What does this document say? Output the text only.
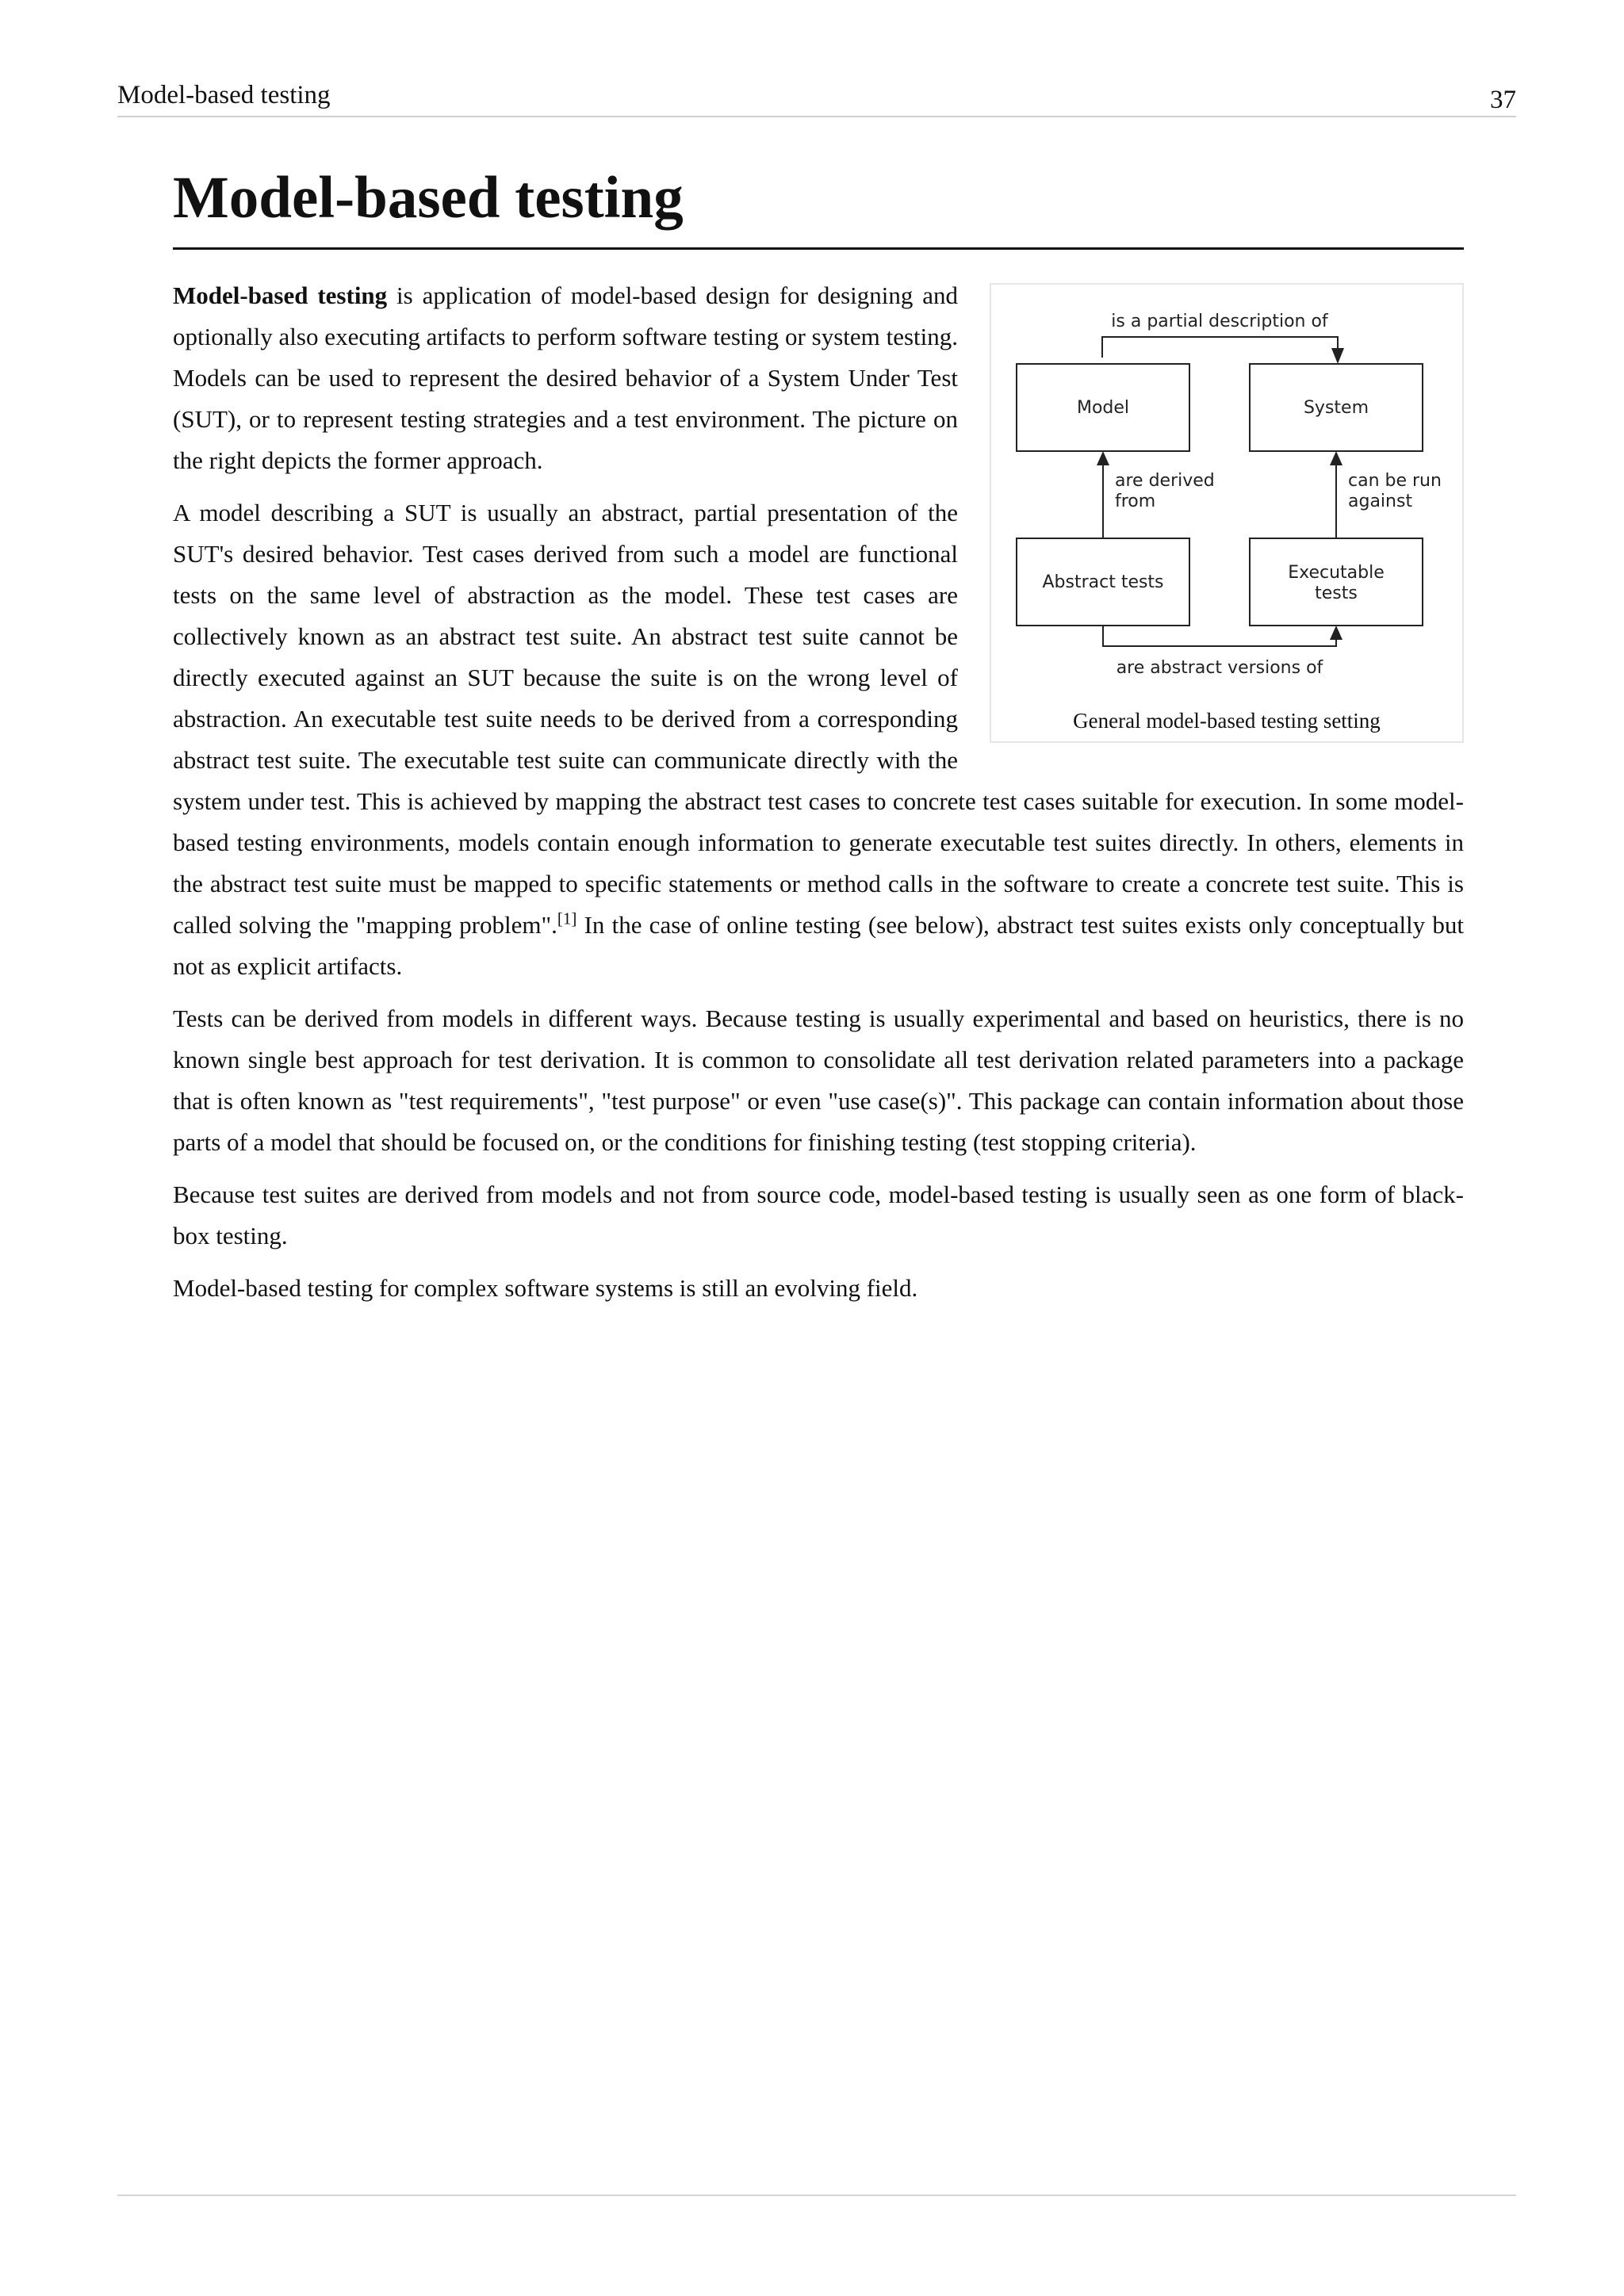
Model-based testing	37
Model-based testing
is a partial description of
Model	System
Abstract tests	Executable
tests
are derived
from
can be run
against
are abstract versions of
General model-based testing setting

Model-based testing is application of model-based design for designing and optionally also executing artifacts to perform software testing or system testing. Models can be used to represent the desired behavior of a System Under Test (SUT), or to represent testing strategies and a test environment. The picture on the right depicts the former approach.

A model describing a SUT is usually an abstract, partial presentation of the SUT's desired behavior. Test cases derived from such a model are functional tests on the same level of abstraction as the model. These test cases are collectively known as an abstract test suite. An abstract test suite cannot be directly executed against an SUT because the suite is on the wrong level of abstraction. An executable test suite needs to be derived from a corresponding abstract test suite. The executable test suite can communicate directly with the system under test. This is achieved by mapping the abstract test cases to concrete test cases suitable for execution. In some model-based testing environments, models contain enough information to generate executable test suites directly. In others, elements in the abstract test suite must be mapped to specific statements or method calls in the software to create a concrete test suite. This is called solving the "mapping problem".[1] In the case of online testing (see below), abstract test suites exists only conceptually but not as explicit artifacts.

Tests can be derived from models in different ways. Because testing is usually experimental and based on heuristics, there is no known single best approach for test derivation. It is common to consolidate all test derivation related parameters into a package that is often known as "test requirements", "test purpose" or even "use case(s)". This package can contain information about those parts of a model that should be focused on, or the conditions for finishing testing (test stopping criteria).

Because test suites are derived from models and not from source code, model-based testing is usually seen as one form of black-box testing.

Model-based testing for complex software systems is still an evolving field.
